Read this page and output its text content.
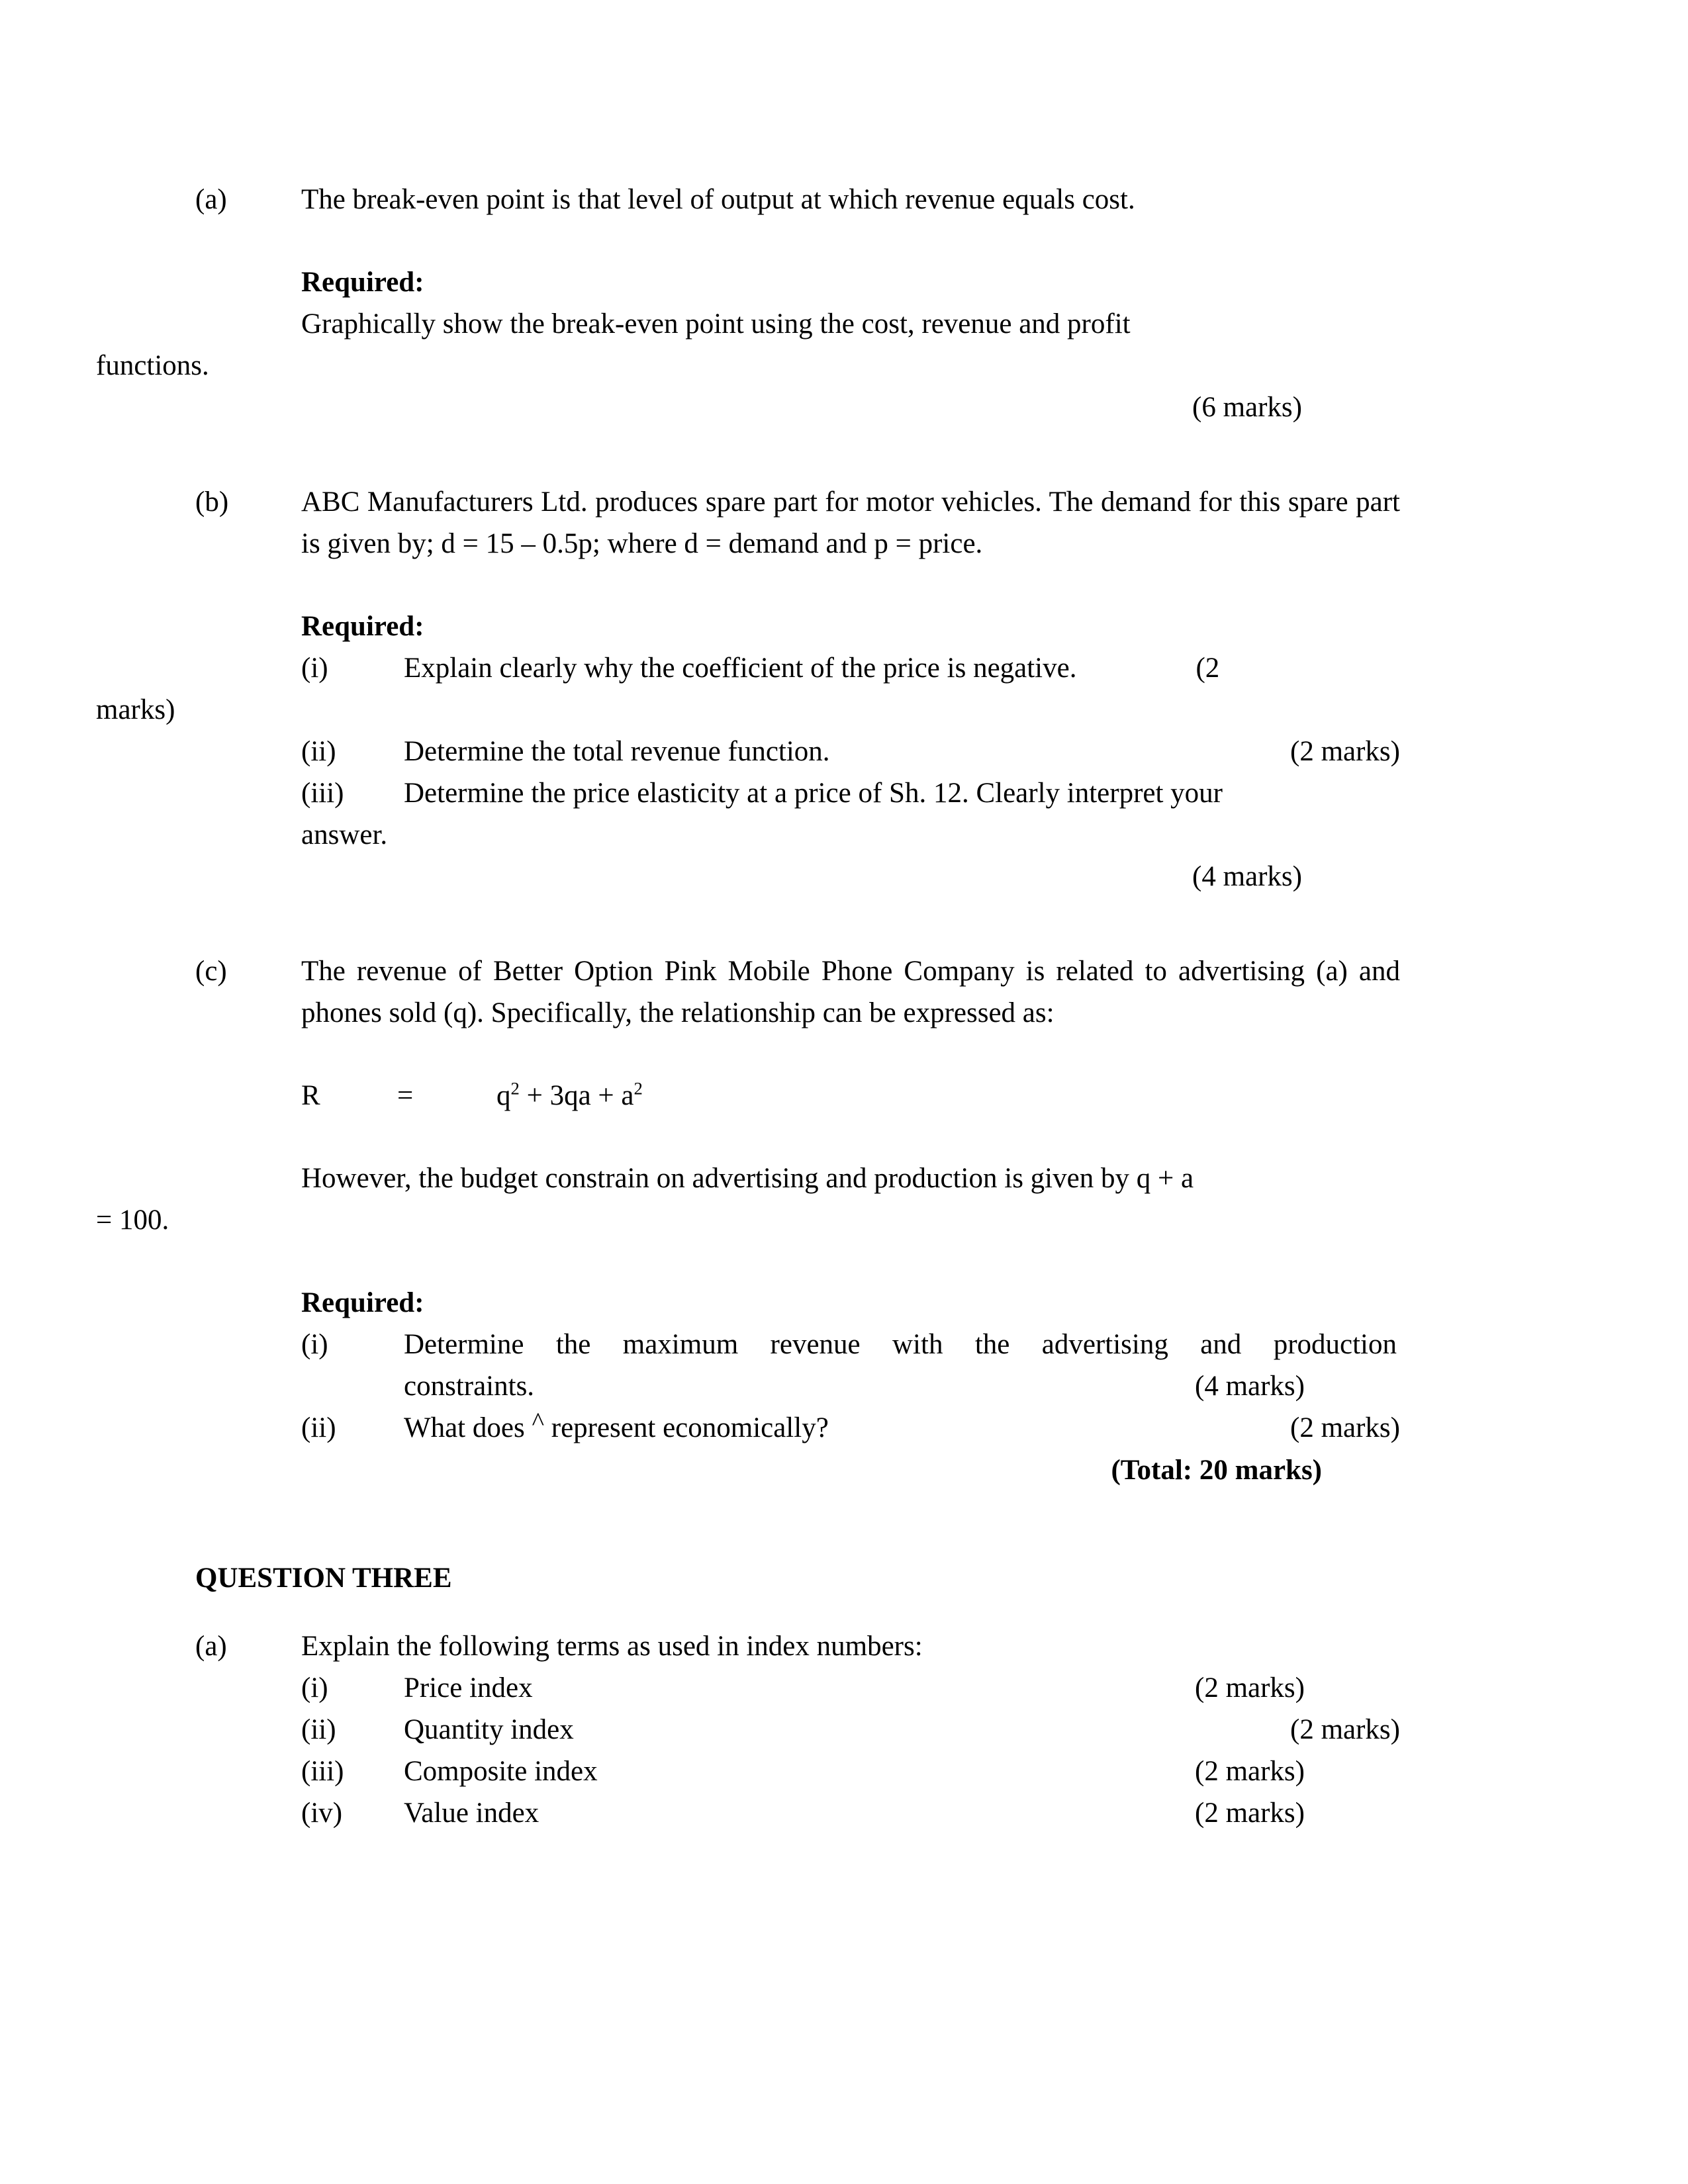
(a)	The break-even point is that level of output at which revenue equals cost.

Required:

Graphically show the break-even point using the cost, revenue and profit
functions.
(6 marks)
(b)	ABC Manufacturers Ltd. produces spare part for motor vehicles. The demand for this spare part is given by; d = 15 – 0.5p; where d = demand and p = price.

Required:

(i)	Explain clearly why the coefficient of the price is negative.	(2
marks)

(ii) Determine the total revenue function.	(2 marks)

(iii) Determine the price elasticity at a price of Sh. 12. Clearly interpret your

answer.
(4 marks)
(c)	The revenue of Better Option Pink Mobile Phone Company is related to advertising (a) and phones sold (q). Specifically, the relationship can be expressed as:

R	=	$q^2 + 3qa + a^2$

However, the budget constrain on advertising and production is given by q + a
= 100.

Required:

(i)	Determine the maximum revenue with the advertising and production

constraints.	(4 marks)

(ii) What does ^ represent economically?	(2 marks)
(Total: 20 marks)
QUESTION THREE
(a)	Explain the following terms as used in index numbers:
(i)	Price index	(2 marks)
(ii)	Quantity index	(2 marks)
(iii)	Composite index	(2 marks)
(iv)	Value index	(2 marks)
